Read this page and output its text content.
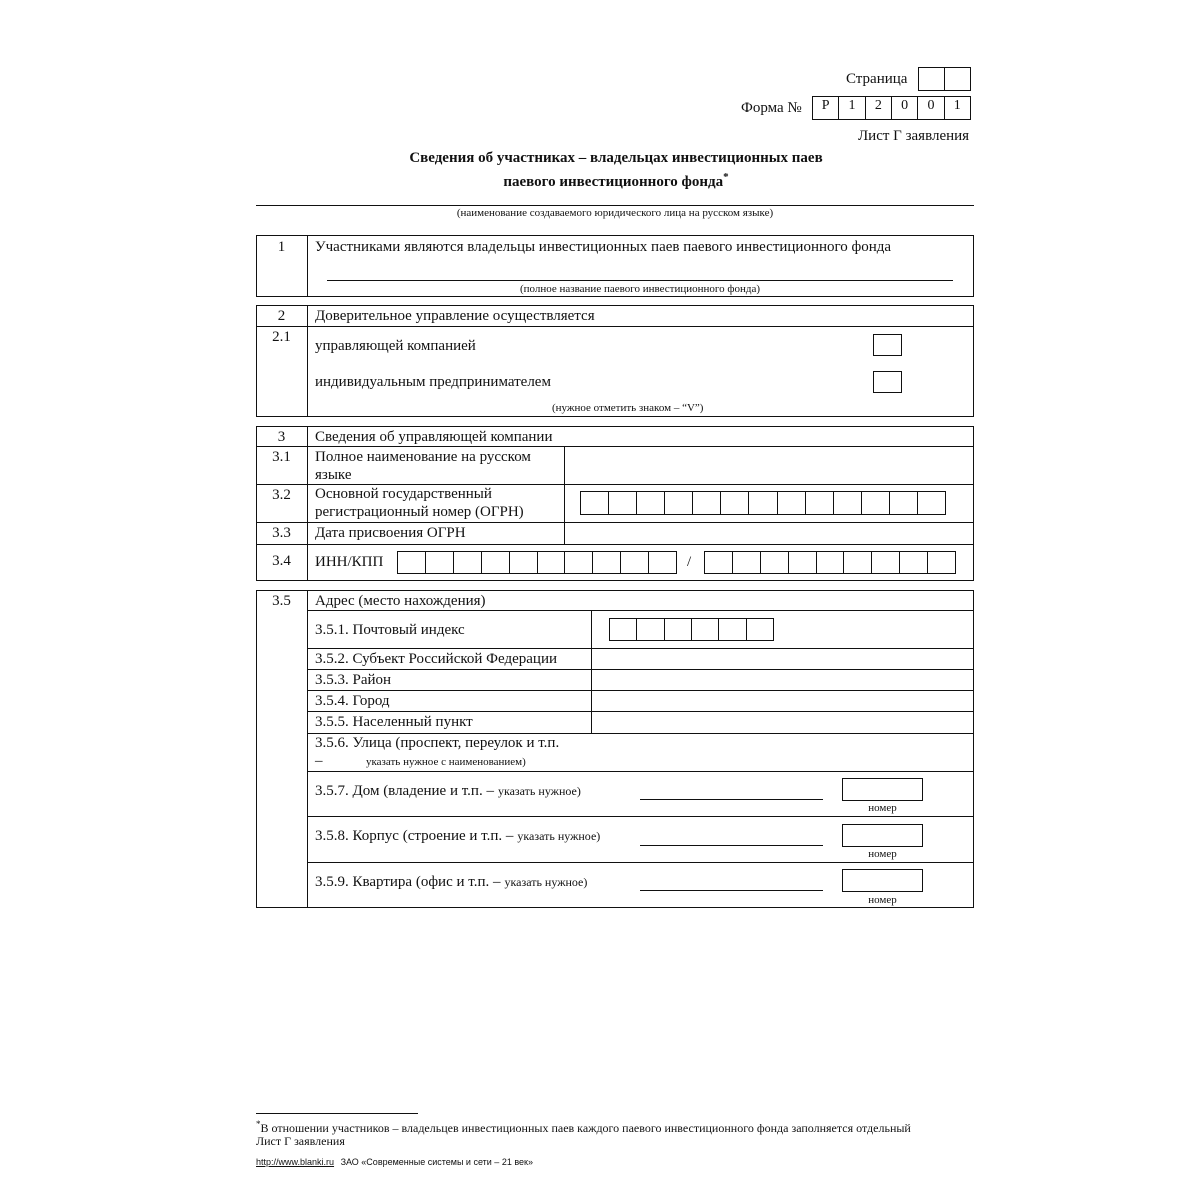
Страница
Форма №	Р	1	2	0	0	1
Лист Г заявления
Сведения об участниках – владельцах инвестиционных паев
паевого инвестиционного фонда*
(наименование создаваемого юридического лица на русском языке)
1	Участниками являются владельцы инвестиционных паев паевого инвестиционного фонда
(полное название паевого инвестиционного фонда)
2	Доверительное управление осуществляется
2.1
управляющей компанией
индивидуальным предпринимателем
(нужное отметить знаком – “V”)
3	Сведения об управляющей компании
3.1	Полное наименование на русском языке
3.2	Основной государственный регистрационный номер (ОГРН)
3.3	Дата присвоения ОГРН
3.4	ИНН/КПП	/
3.5	Адрес (место нахождения)
3.5.1. Почтовый индекс
3.5.2. Субъект Российской Федерации
3.5.3. Район
3.5.4. Город
3.5.5. Населенный пункт
3.5.6. Улица (проспект, переулок и т.п.
–	указать нужное с наименованием)
3.5.7. Дом (владение и т.п. – указать нужное)
номер
3.5.8. Корпус (строение и т.п. – указать нужное)
номер
3.5.9. Квартира (офис и т.п. – указать нужное)
номер
*В отношении участников – владельцев инвестиционных паев каждого паевого инвестиционного фонда заполняется отдельный
Лист Г заявления
http://www.blanki.ru ЗАО «Современные системы и сети – 21 век»
